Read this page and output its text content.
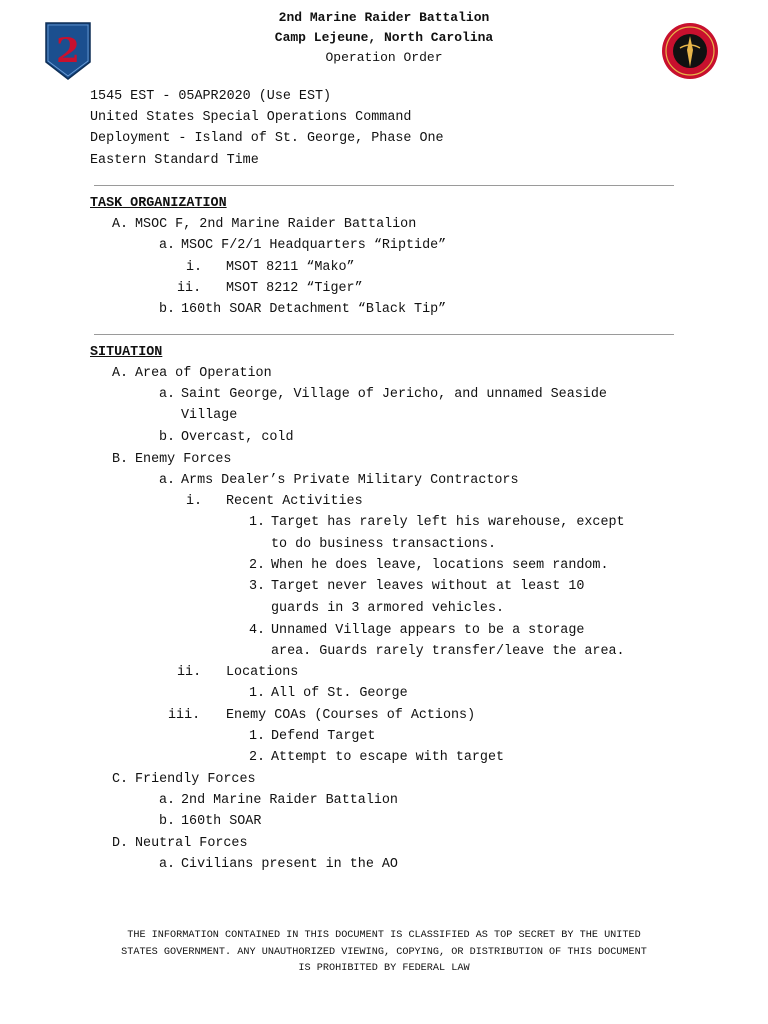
2nd Marine Raider Battalion
Camp Lejeune, North Carolina
Operation Order
2
1545 EST - 05APR2020 (Use EST)
United States Special Operations Command
Deployment - Island of St. George, Phase One
Eastern Standard Time
TASK ORGANIZATION
A. MSOC F, 2nd Marine Raider Battalion
a. MSOC F/2/1 Headquarters “Riptide”
i. MSOT 8211 “Mako”
ii. MSOT 8212 “Tiger”
b. 160th SOAR Detachment “Black Tip”
SITUATION
A. Area of Operation
a. Saint George, Village of Jericho, and unnamed Seaside
Village
b. Overcast, cold
B. Enemy Forces
a. Arms Dealer’s Private Military Contractors
i. Recent Activities
1. Target has rarely left his warehouse, except
to do business transactions.
2. When he does leave, locations seem random.
3. Target never leaves without at least 10
guards in 3 armored vehicles.
4. Unnamed Village appears to be a storage
area. Guards rarely transfer/leave the area.
ii. Locations
1. All of St. George
iii. Enemy COAs (Courses of Actions)
1. Defend Target
2. Attempt to escape with target
C. Friendly Forces
a. 2nd Marine Raider Battalion
b. 160th SOAR
D. Neutral Forces
a. Civilians present in the AO
THE INFORMATION CONTAINED IN THIS DOCUMENT IS CLASSIFIED AS TOP SECRET BY THE UNITED
STATES GOVERNMENT. ANY UNAUTHORIZED VIEWING, COPYING, OR DISTRIBUTION OF THIS DOCUMENT
IS PROHIBITED BY FEDERAL LAW
